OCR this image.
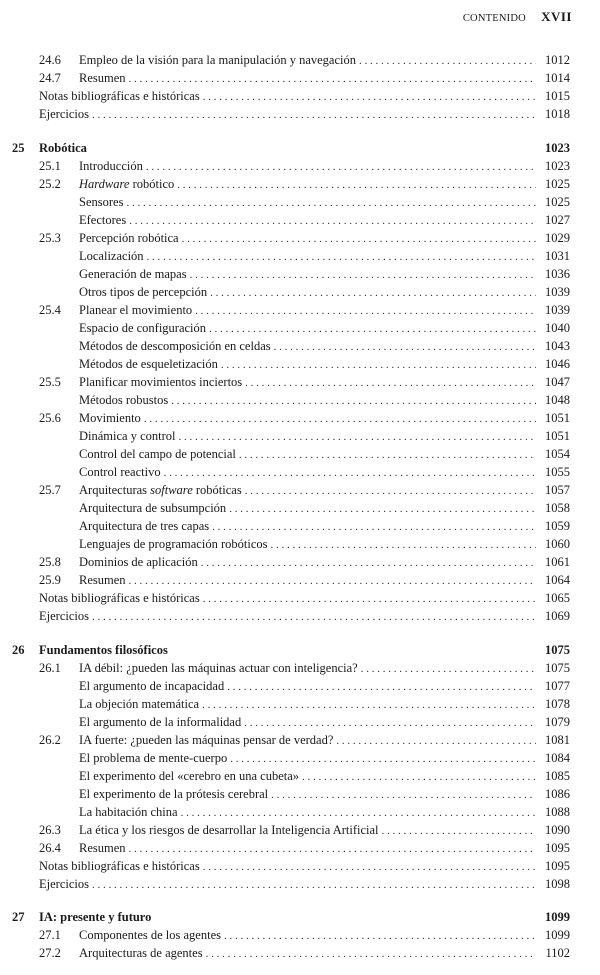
CONTENIDO XVII
24.6 Empleo de la visión para la manipulación y navegación . . .	1012
24.7 Resumen . . .	1014
Notas bibliográficas e históricas . . .	1015
Ejercicios . . .	1018
25 Robótica	1023
25.1 Introducción . . .	1023
25.2 Hardware robótico . . .	1025
Sensores . . .	1025
Efectores . . .	1027
25.3 Percepción robótica . . .	1029
Localización . . .	1031
Generación de mapas . . .	1036
Otros tipos de percepción . . .	1039
25.4 Planear el movimiento . . .	1039
Espacio de configuración . . .	1040
Métodos de descomposición en celdas . . .	1043
Métodos de esqueletización . . .	1046
25.5 Planificar movimientos inciertos . . .	1047
Métodos robustos . . .	1048
25.6 Movimiento . . .	1051
Dinámica y control . . .	1051
Control del campo de potencial . . .	1054
Control reactivo . . .	1055
25.7 Arquitecturas software robóticas . . .	1057
Arquitectura de subsumpción . . .	1058
Arquitectura de tres capas . . .	1059
Lenguajes de programación robóticos . . .	1060
25.8 Dominios de aplicación . . .	1061
25.9 Resumen . . .	1064
Notas bibliográficas e históricas . . .	1065
Ejercicios . . .	1069
26 Fundamentos filosóficos	1075
26.1 IA débil: ¿pueden las máquinas actuar con inteligencia? . . .	1075
El argumento de incapacidad . . .	1077
La objeción matemática . . .	1078
El argumento de la informalidad . . .	1079
26.2 IA fuerte: ¿pueden las máquinas pensar de verdad? . . .	1081
El problema de mente-cuerpo . . .	1084
El experimento del «cerebro en una cubeta» . . .	1085
El experimento de la prótesis cerebral . . .	1086
La habitación china . . .	1088
26.3 La ética y los riesgos de desarrollar la Inteligencia Artificial . . .	1090
26.4 Resumen . . .	1095
Notas bibliográficas e históricas . . .	1095
Ejercicios . . .	1098
27 IA: presente y futuro	1099
27.1 Componentes de los agentes . . .	1099
27.2 Arquitecturas de agentes . . .	1102
